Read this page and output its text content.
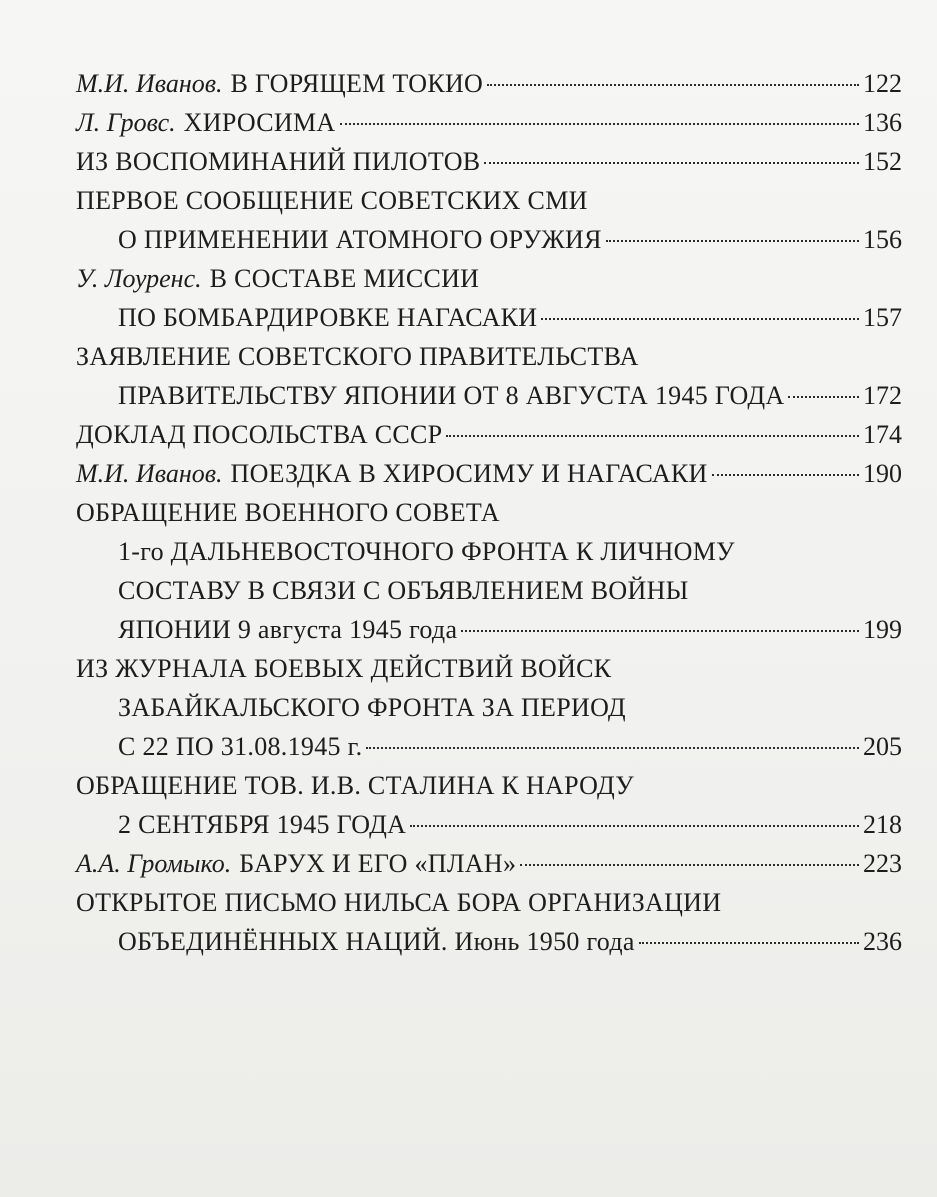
М.И. Иванов. В ГОРЯЩЕМ ТОКИО	122
Л. Гровс. ХИРОСИМА	136
ИЗ ВОСПОМИНАНИЙ ПИЛОТОВ	152
ПЕРВОЕ СООБЩЕНИЕ СОВЕТСКИХ СМИ
О ПРИМЕНЕНИИ АТОМНОГО ОРУЖИЯ	156
У. Лоуренс. В СОСТАВЕ МИССИИ
ПО БОМБАРДИРОВКЕ НАГАСАКИ	157
ЗАЯВЛЕНИЕ СОВЕТСКОГО ПРАВИТЕЛЬСТВА
ПРАВИТЕЛЬСТВУ ЯПОНИИ ОТ 8 АВГУСТА 1945 ГОДА	172
ДОКЛАД ПОСОЛЬСТВА СССР	174
М.И. Иванов. ПОЕЗДКА В ХИРОСИМУ И НАГАСАКИ	190
ОБРАЩЕНИЕ ВОЕННОГО СОВЕТА
1-го ДАЛЬНЕВОСТОЧНОГО ФРОНТА К ЛИЧНОМУ
СОСТАВУ В СВЯЗИ С ОБЪЯВЛЕНИЕМ ВОЙНЫ
ЯПОНИИ 9 августа 1945 года	199
ИЗ ЖУРНАЛА БОЕВЫХ ДЕЙСТВИЙ ВОЙСК
ЗАБАЙКАЛЬСКОГО ФРОНТА ЗА ПЕРИОД
С 22 ПО 31.08.1945 г.	205
ОБРАЩЕНИЕ ТОВ. И.В. СТАЛИНА К НАРОДУ
2 СЕНТЯБРЯ 1945 ГОДА	218
А.А. Громыко. БАРУХ И ЕГО «ПЛАН»	223
ОТКРЫТОЕ ПИСЬМО НИЛЬСА БОРА ОРГАНИЗАЦИИ
ОБЪЕДИНЁННЫХ НАЦИЙ. Июнь 1950 года	236
